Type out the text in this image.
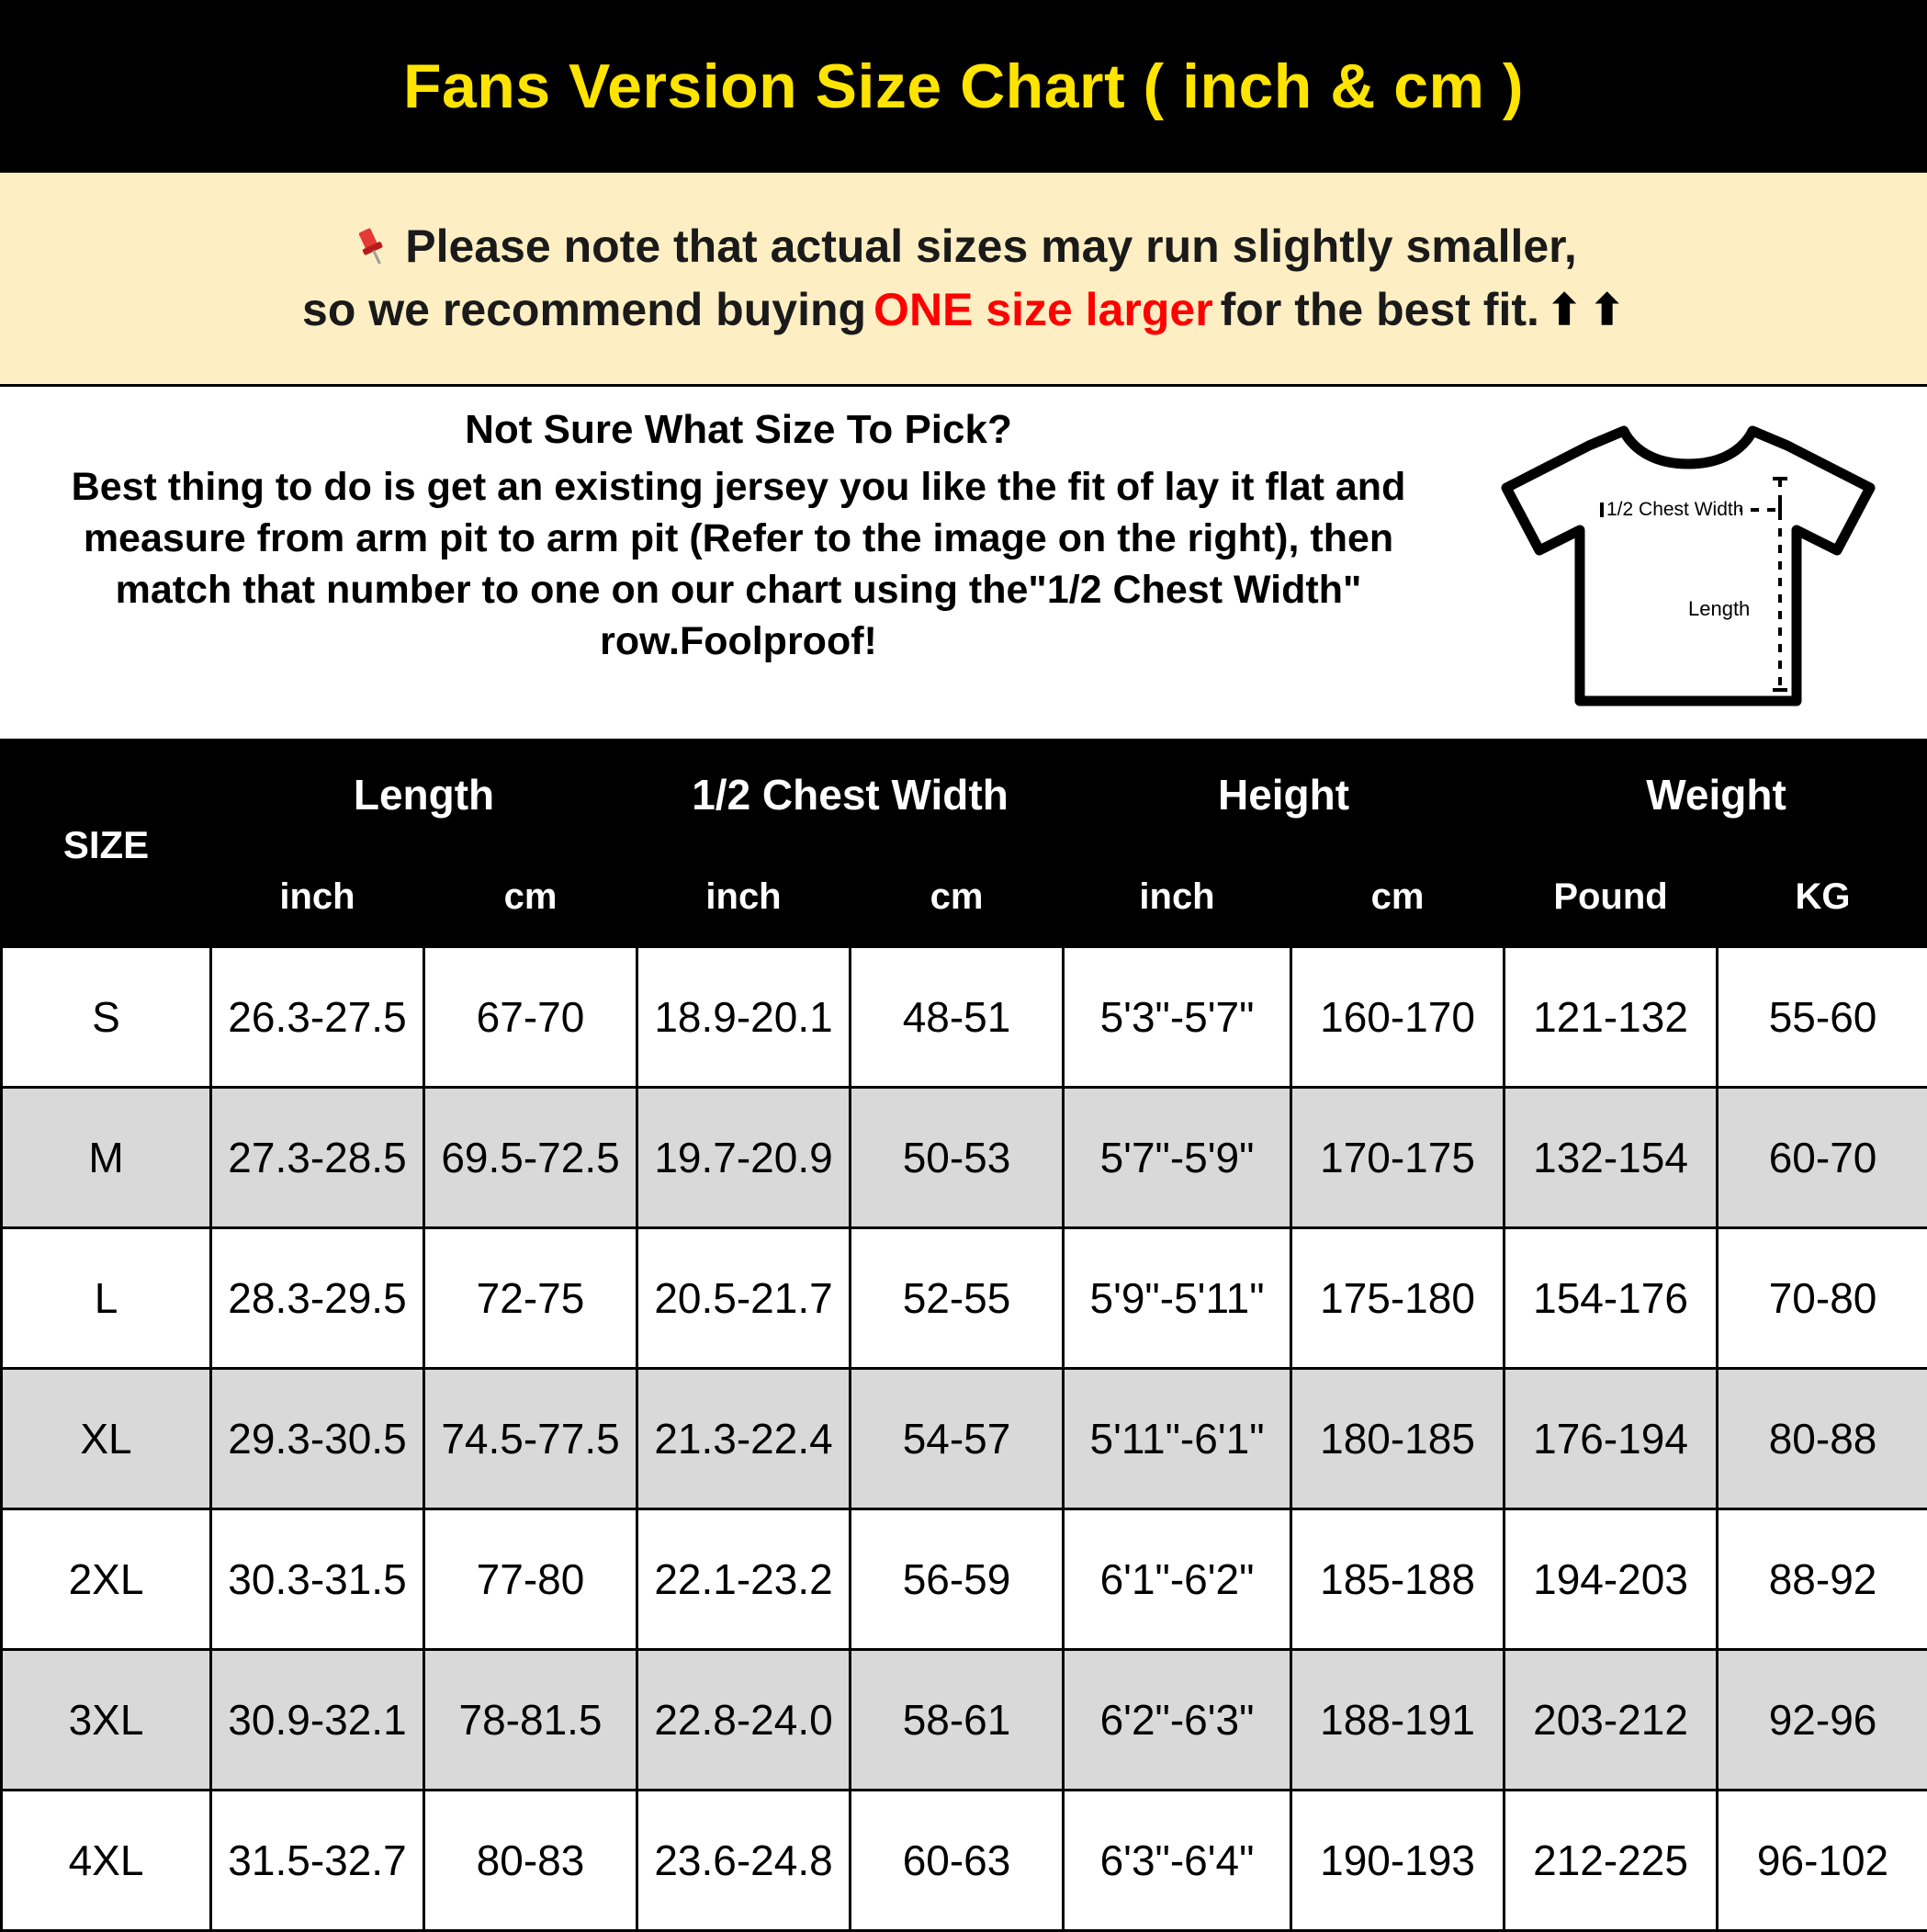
Fans Version Size Chart ( inch & cm )
Please note that actual sizes may run slightly smaller,
so we recommend buying ONE size larger for the best fit. ⬆ ⬆
Not Sure What Size To Pick?
Best thing to do is get an existing jersey you like the fit of lay it flat and measure from arm pit to arm pit (Refer to the image on the right), then match that number to one on our chart using the"1/2 Chest Width" row.Foolproof!
1/2 Chest Width
Length
SIZE	Length		1/2 Chest Width		Height		Weight	
	inch	cm	inch	cm	inch	cm	Pound	KG
S	26.3-27.5	67-70	18.9-20.1	48-51	5'3"-5'7"	160-170	121-132	55-60
M	27.3-28.5	69.5-72.5	19.7-20.9	50-53	5'7"-5'9"	170-175	132-154	60-70
L	28.3-29.5	72-75	20.5-21.7	52-55	5'9"-5'11"	175-180	154-176	70-80
XL	29.3-30.5	74.5-77.5	21.3-22.4	54-57	5'11"-6'1"	180-185	176-194	80-88
2XL	30.3-31.5	77-80	22.1-23.2	56-59	6'1"-6'2"	185-188	194-203	88-92
3XL	30.9-32.1	78-81.5	22.8-24.0	58-61	6'2"-6'3"	188-191	203-212	92-96
4XL	31.5-32.7	80-83	23.6-24.8	60-63	6'3"-6'4"	190-193	212-225	96-102
